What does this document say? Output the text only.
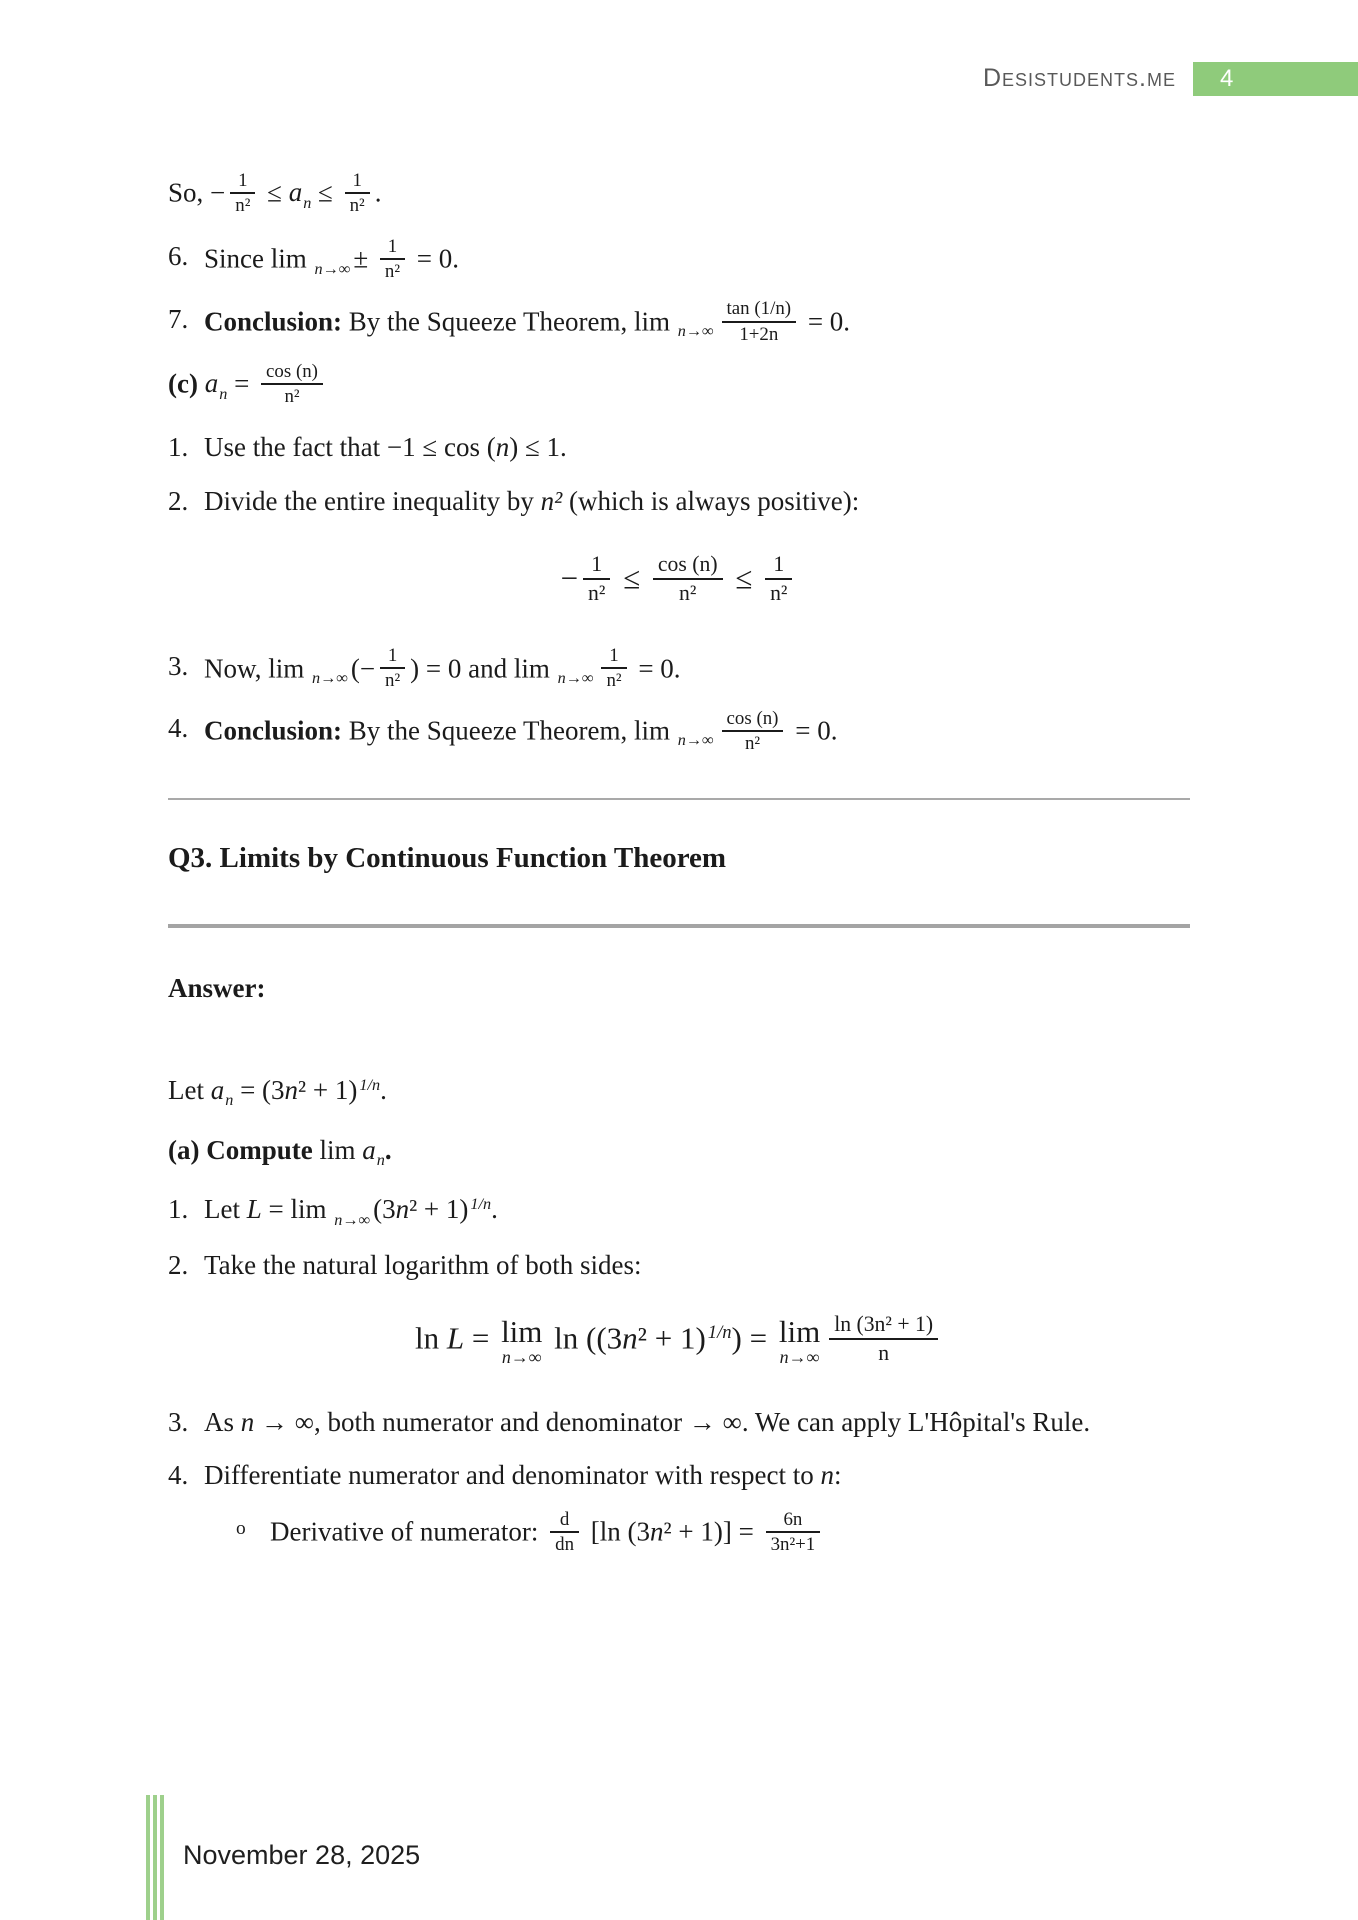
Desistudents.me	4
So, − $\frac{1}{\text{n²}} \le a_n \le \frac{1}{\text{n²}}$ .
6. Since $\lim _{n\to\infty} \pm \frac{1}{\text{n²}} = 0$.
7. Conclusion: By the Squeeze Theorem, $\lim _{n\to\infty} \frac{\tan (1/n)}{1+2n} = 0$.
(c) $a_n = \frac{\cos (n)}{\text{n²}}$
1. Use the fact that −1 ≤ cos (n) ≤ 1.
2. Divide the entire inequality by n² (which is always positive):
− $\frac{1}{\text{n²}} \le \frac{\cos (n)}{\text{n²}} \le \frac{1}{\text{n²}}$
3. Now, lim $_{n\to\infty}$ (− $\frac{1}{\text{n²}}$ ) = 0 and $\lim _{n\to\infty} \frac{1}{\text{n²}} = 0$.
4. Conclusion: By the Squeeze Theorem, $\lim _{n\to\infty} \frac{\cos (n)}{\text{n²}} = 0$.
Q3. Limits by Continuous Function Theorem
Answer:
Let $a_n = (3n^2 + 1)$ $^{1/n}$.
(a) Compute $\lim a_n$.
1. Let L = lim $_{n\to\infty}$ (3n² + 1) $^{1/n}$.
2. Take the natural logarithm of both sides:
ln L = lim
n→∞
ln ((3n² + 1) $^{1/n}$) = lim
$n\to\infty \frac{\text{ln (3n² + 1)}}{n}$
3. As n → ∞, both numerator and denominator → ∞. We can apply L'Hôpital's Rule.
4. Differentiate numerator and denominator with respect to n:
o Derivative of numerator: $\frac{d}{dn} [\ln$ $(3n^2 + 1)] = \frac{6n}{\text{3n²+1}}$
November 28, 2025
